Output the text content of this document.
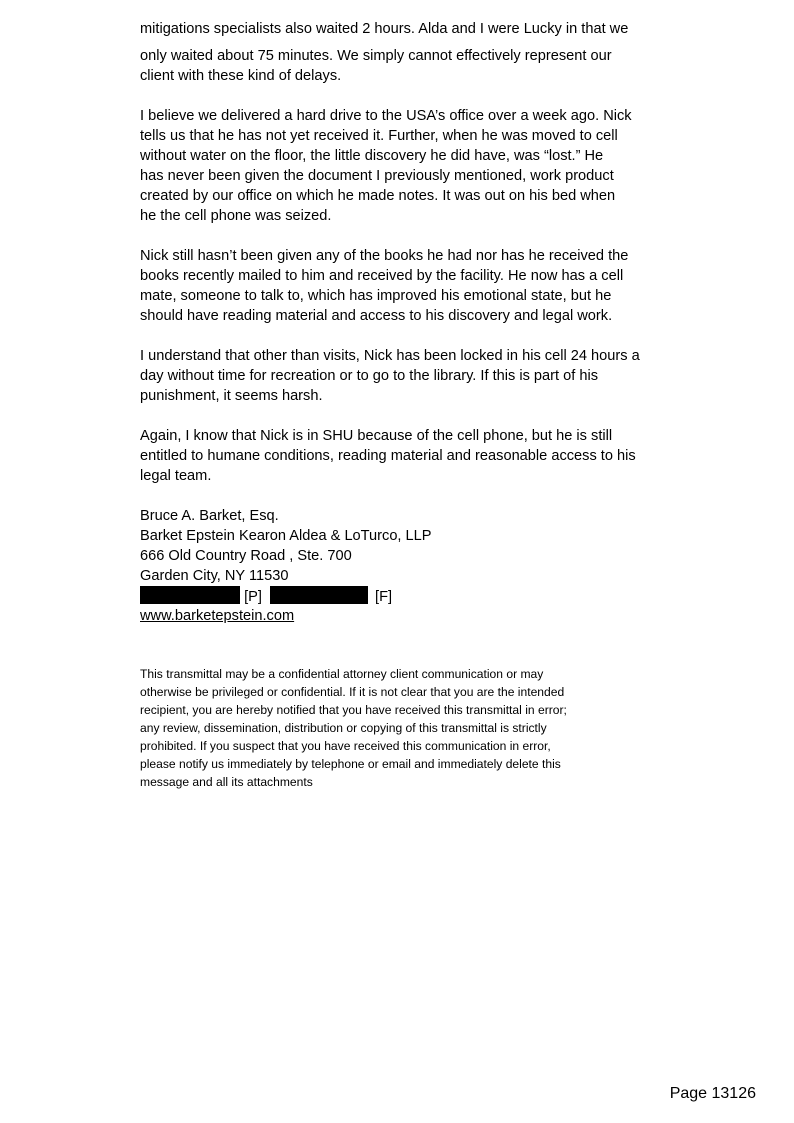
mitigations specialists also waited 2 hours. Alda and I were Lucky in that we
only waited about 75 minutes. We simply cannot effectively represent our
client with these kind of delays.
I believe we delivered a hard drive to the USA’s office over a week ago. Nick
tells us that he has not yet received it. Further, when he was moved to cell
without water on the floor, the little discovery he did have, was “lost.” He
has never been given the document I previously mentioned, work product
created by our office on which he made notes. It was out on his bed when
he the cell phone was seized.
Nick still hasn’t been given any of the books he had nor has he received the
books recently mailed to him and received by the facility. He now has a cell
mate, someone to talk to, which has improved his emotional state, but he
should have reading material and access to his discovery and legal work.
I understand that other than visits, Nick has been locked in his cell 24 hours a
day without time for recreation or to go to the library. If this is part of his
punishment, it seems harsh.
Again, I know that Nick is in SHU because of the cell phone, but he is still
entitled to humane conditions, reading material and reasonable access to his
legal team.
Bruce A. Barket, Esq.
Barket Epstein Kearon Aldea & LoTurco, LLP
666 Old Country Road , Ste. 700
Garden City, NY 11530
[P]	[F]
www.barketepstein.com
This transmittal may be a confidential attorney client communication or may
otherwise be privileged or confidential. If it is not clear that you are the intended
recipient, you are hereby notified that you have received this transmittal in error;
any review, dissemination, distribution or copying of this transmittal is strictly
prohibited. If you suspect that you have received this communication in error,
please notify us immediately by telephone or email and immediately delete this
message and all its attachments
Page 13126
